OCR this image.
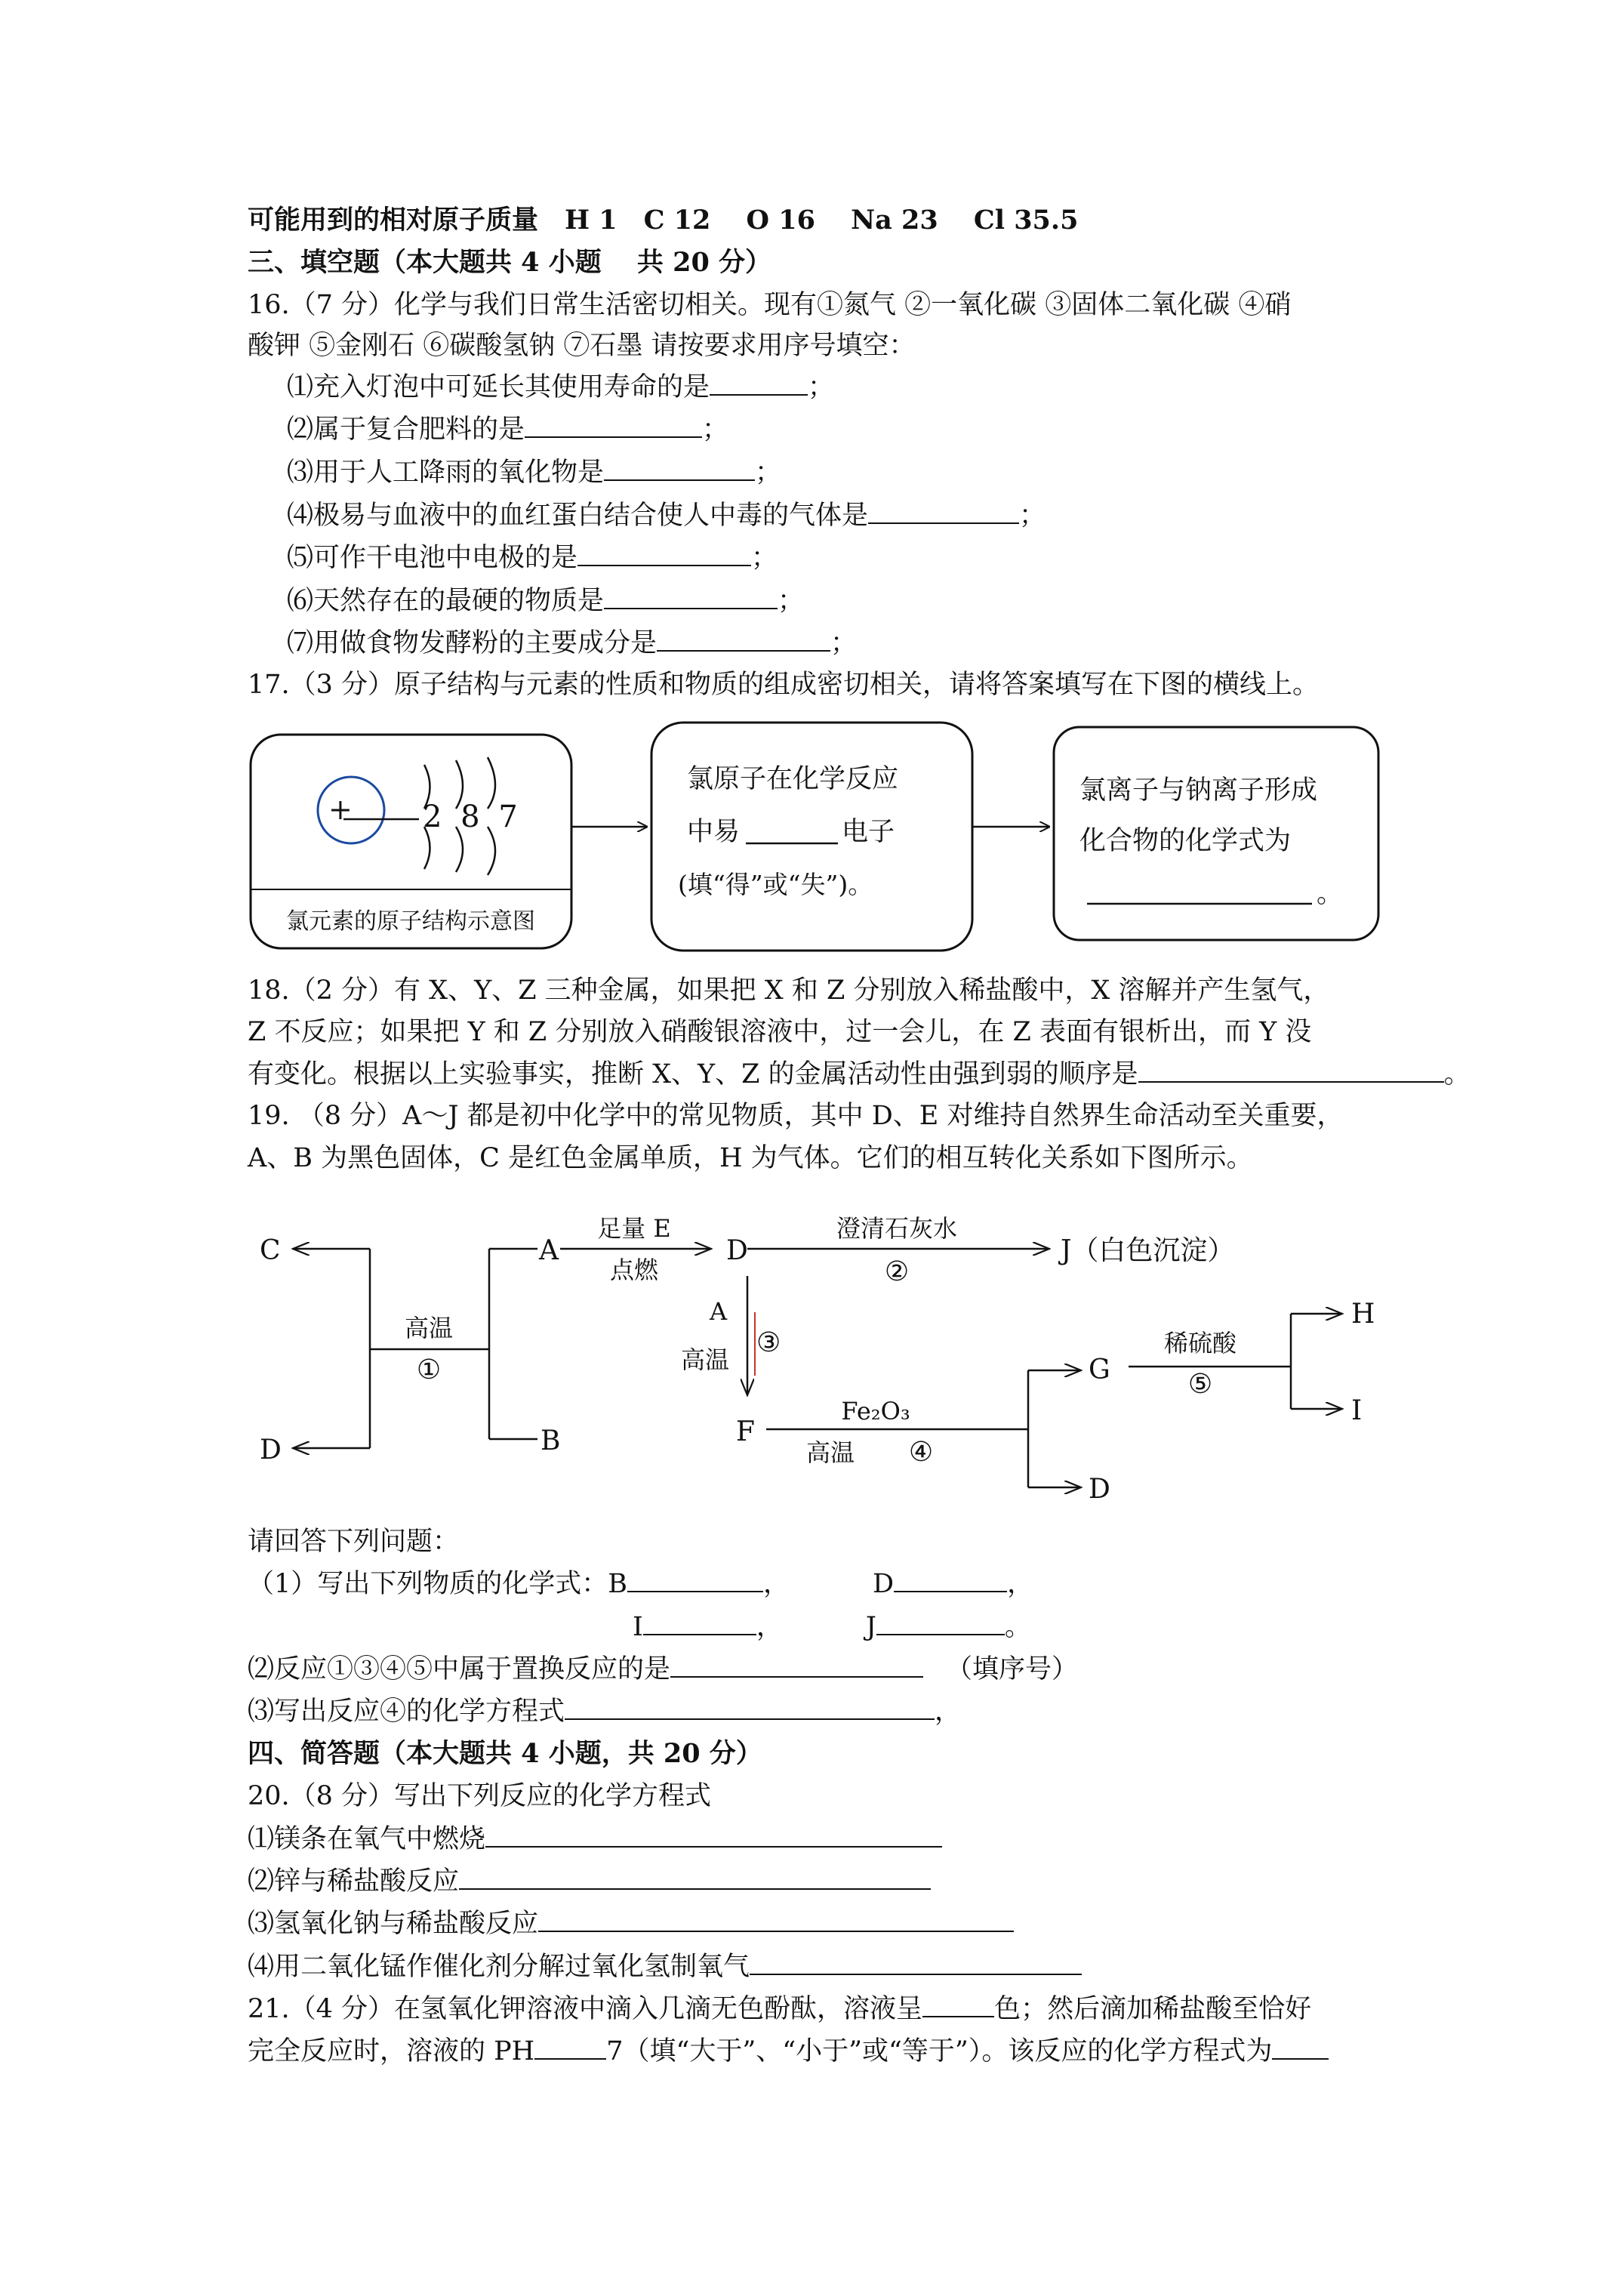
可能用到的相对原子质量　H 1　C 12　 O 16　 Na 23　 Cl 35.5
三、填空题（本大题共 4 小题　 共 20 分）
16.（7 分）化学与我们日常生活密切相关。现有①氮气 ②一氧化碳 ③固体二氧化碳 ④硝
酸钾 ⑤金刚石 ⑥碳酸氢钠 ⑦石墨 请按要求用序号填空：
⑴充入灯泡中可延长其使用寿命的是	；
⑵属于复合肥料的是	；
⑶用于人工降雨的氧化物是	；
⑷极易与血液中的血红蛋白结合使人中毒的气体是	；
⑸可作干电池中电极的是	；
⑹天然存在的最硬的物质是	；
⑺用做食物发酵粉的主要成分是	；
17.（3 分）原子结构与元素的性质和物质的组成密切相关，请将答案填写在下图的横线上。
+ 2 8 7
氯元素的原子结构示意图
氯原子在化学反应
中易	电子
(填“得”或“失”)。
氯离子与钠离子形成
化合物的化学式为
。
18.（2 分）有 X、Y、Z 三种金属，如果把 X 和 Z 分别放入稀盐酸中，X 溶解并产生氢气，
Z 不反应；如果把 Y 和 Z 分别放入硝酸银溶液中，过一会儿，在 Z 表面有银析出，而 Y 没
有变化。根据以上实验事实，推断 X、Y、Z 的金属活动性由强到弱的顺序是	。
19. （8 分）A～J 都是初中化学中的常见物质，其中 D、E 对维持自然界生命活动至关重要，
A、B 为黑色固体，C 是红色金属单质，H 为气体。它们的相互转化关系如下图所示。
C
D
A
B
D	J（白色沉淀）
F
G
D
H
I
高温
①
足量 E
点燃
澄清石灰水
②
A
高温
③
Fe₂O₃
高温 ④
稀硫酸
⑤
请回答下列问题：
（1）写出下列物质的化学式：B	，	D	，
I	，	J	。
⑵反应①③④⑤中属于置换反应的是	（填序号）
⑶写出反应④的化学方程式	，
四、简答题（本大题共 4 小题，共 20 分）
20.（8 分）写出下列反应的化学方程式
⑴镁条在氧气中燃烧
⑵锌与稀盐酸反应
⑶氢氧化钠与稀盐酸反应
⑷用二氧化锰作催化剂分解过氧化氢制氧气
21.（4 分）在氢氧化钾溶液中滴入几滴无色酚酞，溶液呈	色；然后滴加稀盐酸至恰好
完全反应时，溶液的 PH	7（填“大于”、“小于”或“等于”）。该反应的化学方程式为
